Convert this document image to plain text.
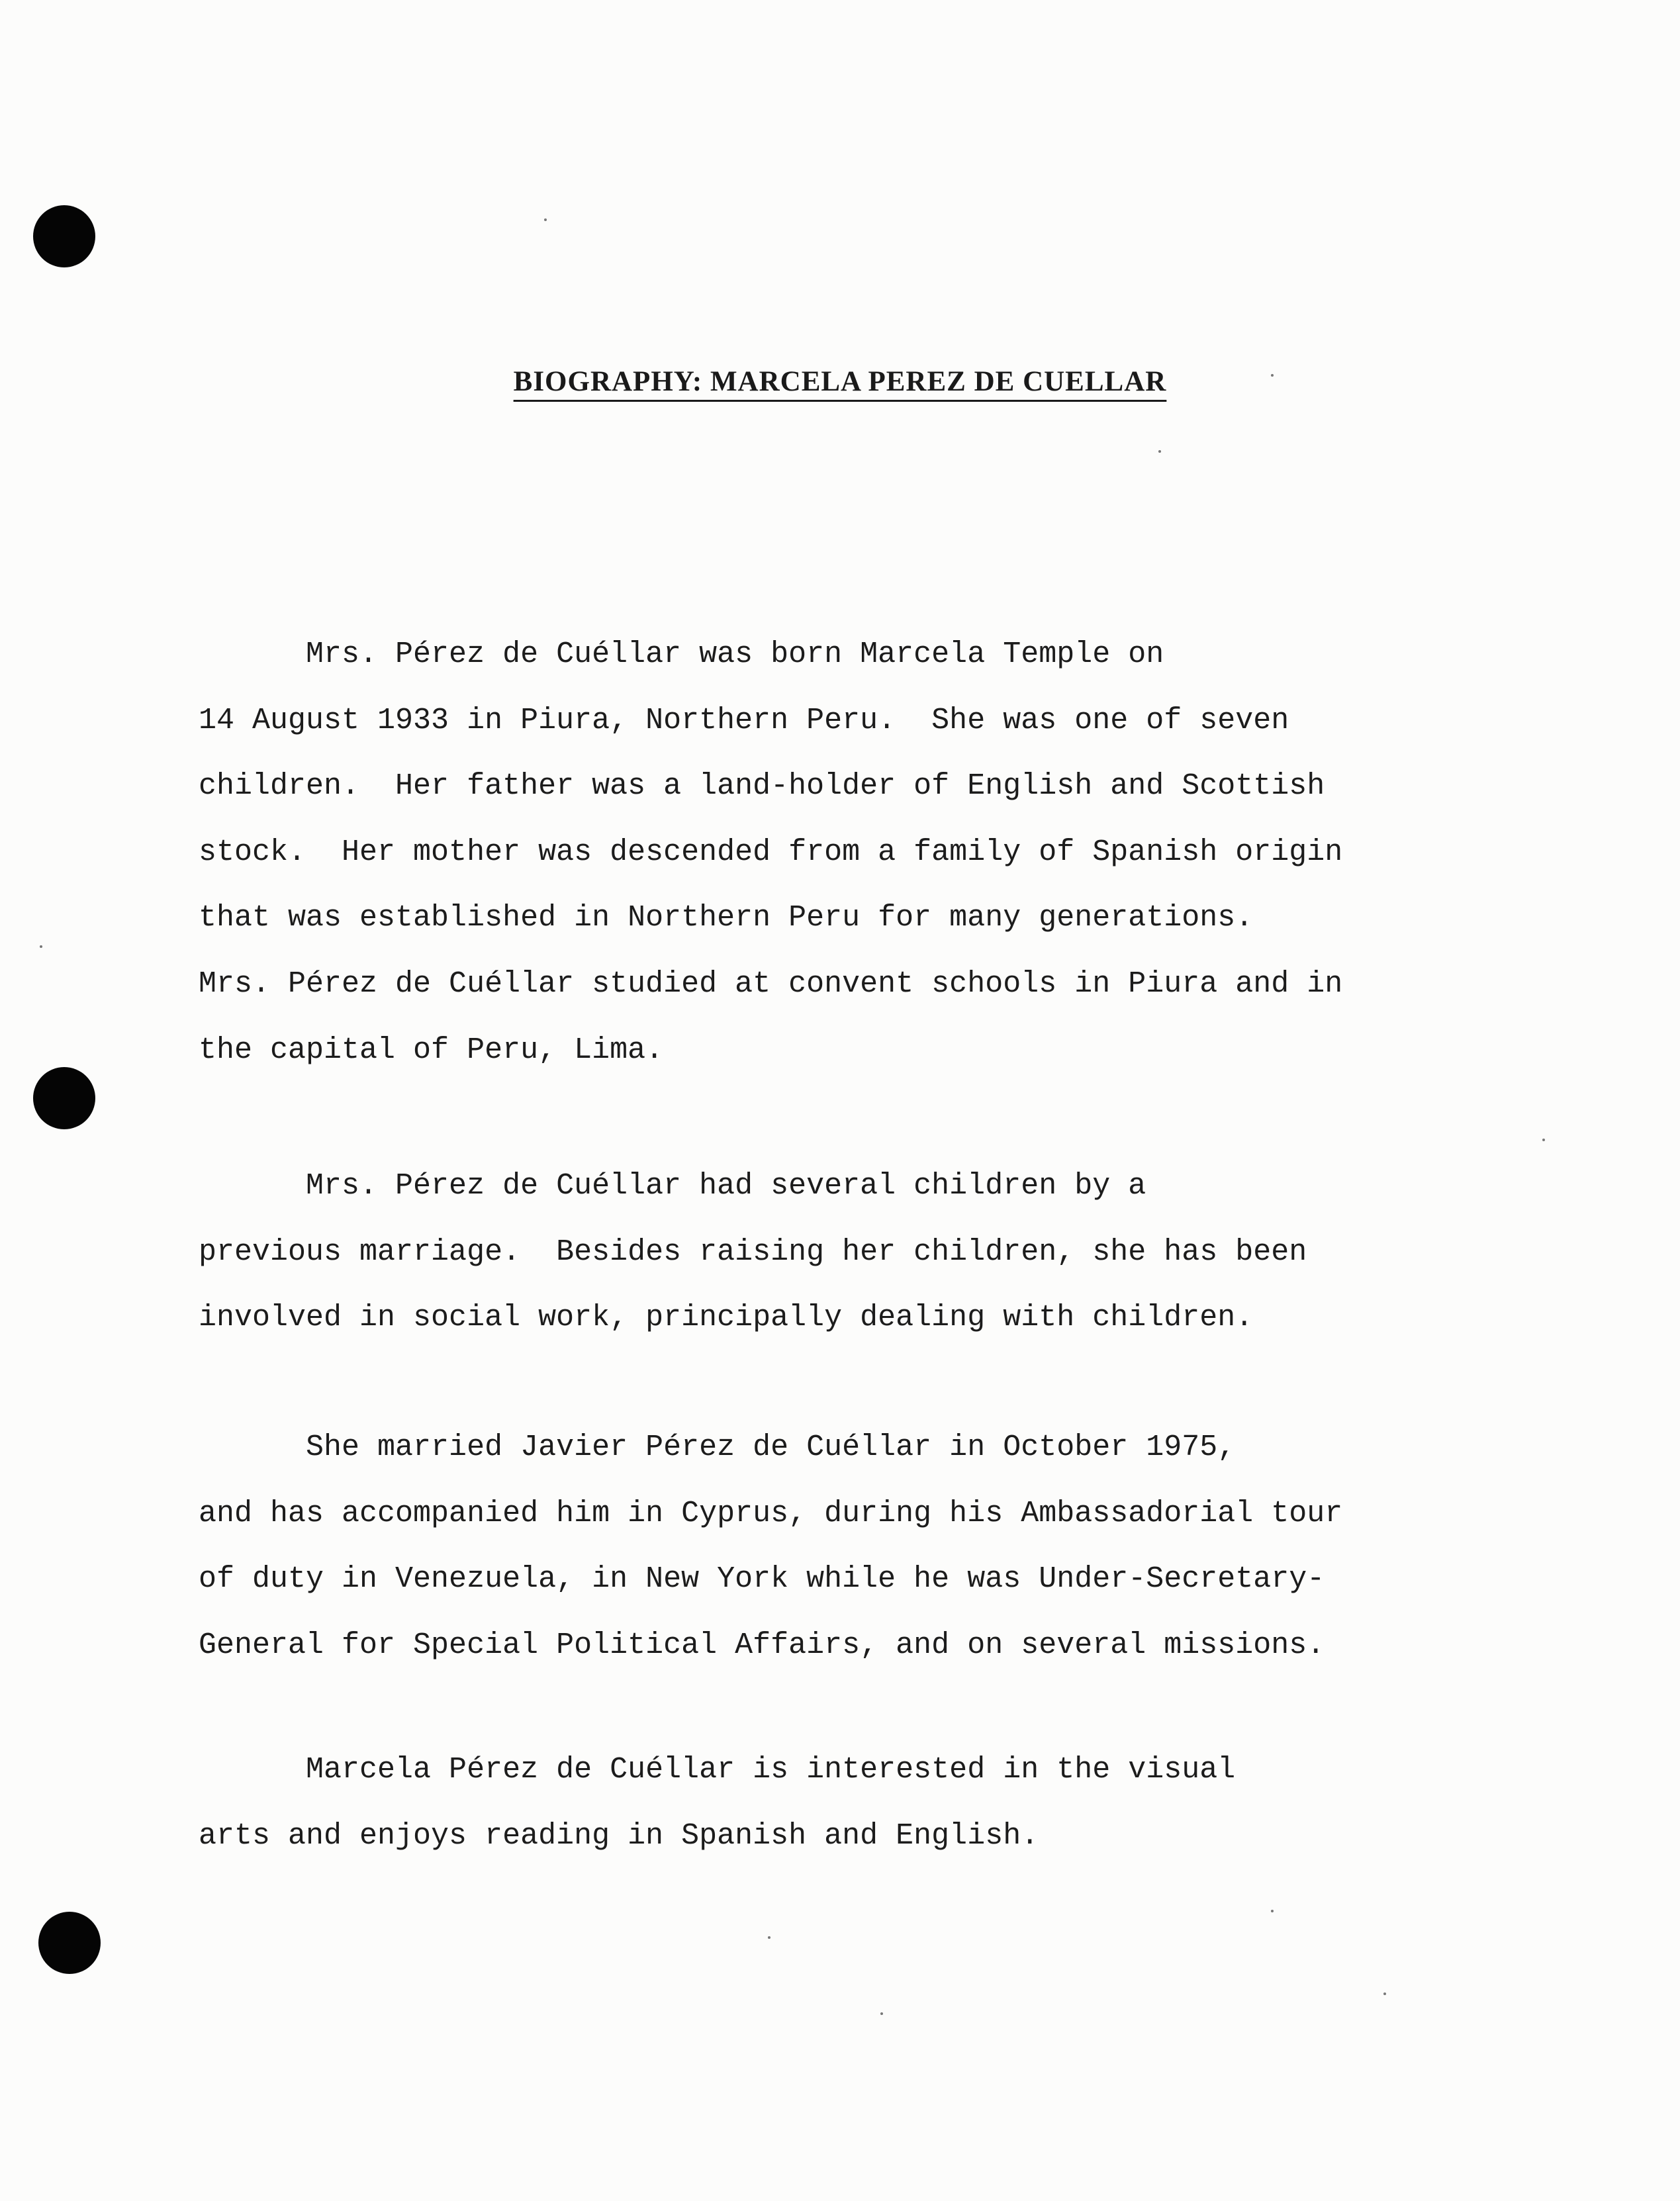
BIOGRAPHY: MARCELA PEREZ DE CUELLAR

Mrs. Pérez de Cuéllar was born Marcela Temple on
14 August 1933 in Piura, Northern Peru.  She was one of seven
children.  Her father was a land-holder of English and Scottish
stock.  Her mother was descended from a family of Spanish origin
that was established in Northern Peru for many generations.
Mrs. Pérez de Cuéllar studied at convent schools in Piura and in
the capital of Peru, Lima.

Mrs. Pérez de Cuéllar had several children by a
previous marriage.  Besides raising her children, she has been
involved in social work, principally dealing with children.

She married Javier Pérez de Cuéllar in October 1975,
and has accompanied him in Cyprus, during his Ambassadorial tour
of duty in Venezuela, in New York while he was Under-Secretary-
General for Special Political Affairs, and on several missions.

Marcela Pérez de Cuéllar is interested in the visual
arts and enjoys reading in Spanish and English.
